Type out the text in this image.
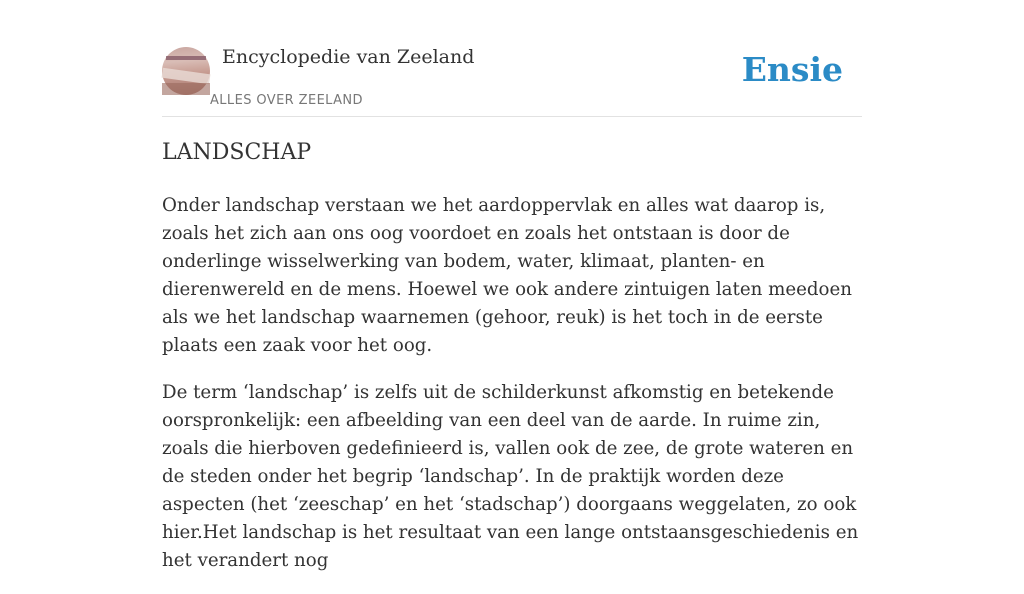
Encyclopedie van Zeeland
ALLES OVER ZEELAND
Ensie
LANDSCHAP

Onder landschap verstaan we het aardoppervlak en alles wat daarop is, zoals het zich aan ons oog voordoet en zoals het ontstaan is door de onderlinge wisselwerking van bodem, water, klimaat, planten- en dierenwereld en de mens. Hoewel we ook andere zintuigen laten meedoen als we het landschap waarnemen (gehoor, reuk) is het toch in de eerste plaats een zaak voor het oog.

De term ‘landschap’ is zelfs uit de schilderkunst afkomstig en betekende oorspronkelijk: een afbeelding van een deel van de aarde. In ruime zin, zoals die hierboven gedefinieerd is, vallen ook de zee, de grote wateren en de steden onder het begrip ‘landschap’. In de praktijk worden deze aspecten (het ‘zeeschap’ en het ‘stadschap’) doorgaans weggelaten, zo ook hier.Het landschap is het resultaat van een lange ontstaansgeschiedenis en het verandert nog
